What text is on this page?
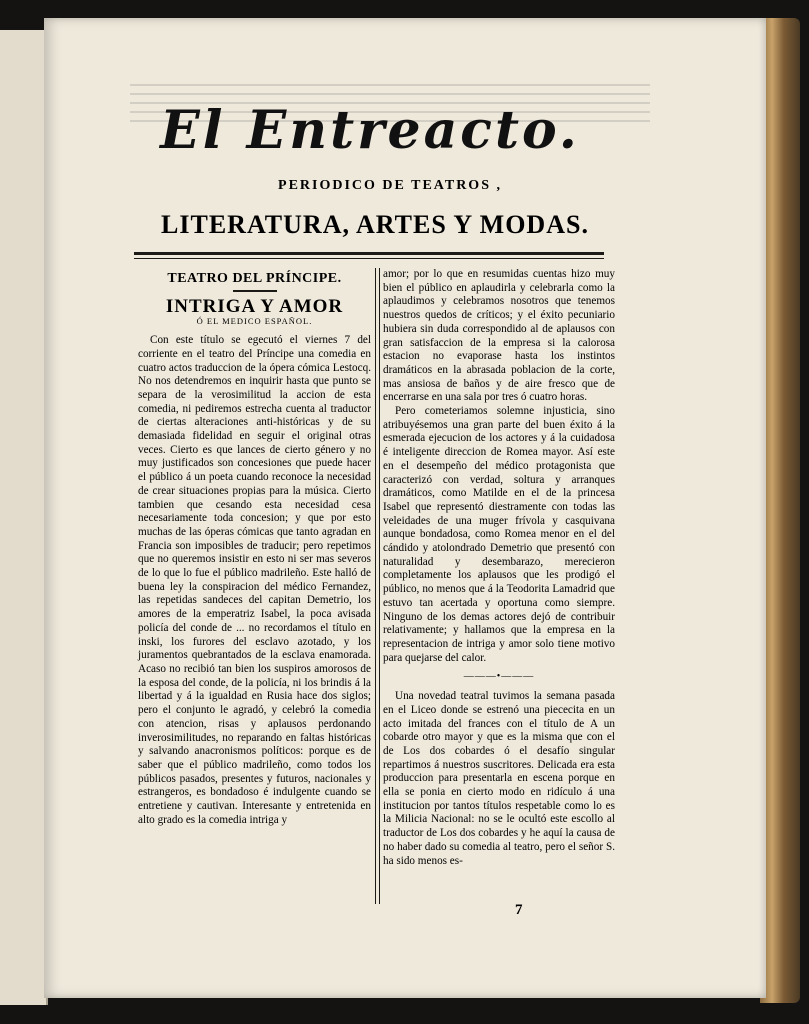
El Entreacto.
PERIODICO DE TEATROS ,
LITERATURA, ARTES Y MODAS.
TEATRO DEL PRÍNCIPE.
INTRIGA Y AMOR
Ó EL MEDICO ESPAÑOL.

Con este título se egecutó el viernes 7 del corriente en el teatro del Príncipe una comedia en cuatro actos traduccion de la ópera cómica Lestocq. No nos detendremos en inquirir hasta que punto se separa de la verosimilitud la accion de esta comedia, ni pediremos estrecha cuenta al traductor de ciertas alteraciones anti-históricas y de su demasiada fidelidad en seguir el original otras veces. Cierto es que lances de cierto género y no muy justificados son concesiones que puede hacer el público á un poeta cuando reconoce la necesidad de crear situaciones propias para la música. Cierto tambien que cesando esta necesidad cesa necesariamente toda concesion; y que por esto muchas de las óperas cómicas que tanto agradan en Francia son imposibles de traducir; pero repetimos que no queremos insistir en esto ni ser mas severos de lo que lo fue el público madrileño. Este halló de buena ley la conspiracion del médico Fernandez, las repetidas sandeces del capitan Demetrio, los amores de la emperatriz Isabel, la poca avisada policía del conde de ... no recordamos el título en inski, los furores del esclavo azotado, y los juramentos quebrantados de la esclava enamorada. Acaso no recibió tan bien los suspiros amorosos de la esposa del conde, de la policía, ni los brindis á la libertad y á la igualdad en Rusia hace dos siglos; pero el conjunto le agradó, y celebró la comedia con atencion, risas y aplausos perdonando inverosimilitudes, no reparando en faltas históricas y salvando anacronismos políticos: porque es de saber que el público madrileño, como todos los públicos pasados, presentes y futuros, nacionales y estrangeros, es bondadoso é indulgente cuando se entretiene y cautivan. Interesante y entretenida en alto grado es la comedia intriga y

amor; por lo que en resumidas cuentas hizo muy bien el público en aplaudirla y celebrarla como la aplaudimos y celebramos nosotros que tenemos nuestros quedos de críticos; y el éxito pecuniario hubiera sin duda correspondido al de aplausos con gran satisfaccion de la empresa si la calorosa estacion no evaporase hasta los instintos dramáticos en la abrasada poblacion de la corte, mas ansiosa de baños y de aire fresco que de encerrarse en una sala por tres ó cuatro horas.

Pero cometeriamos solemne injusticia, sino atribuyésemos una gran parte del buen éxito á la esmerada ejecucion de los actores y á la cuidadosa é inteligente direccion de Romea mayor. Así este en el desempeño del médico protagonista que caracterizó con verdad, soltura y arranques dramáticos, como Matilde en el de la princesa Isabel que representó diestramente con todas las veleidades de una muger frívola y casquivana aunque bondadosa, como Romea menor en el del cándido y atolondrado Demetrio que presentó con naturalidad y desembarazo, merecieron completamente los aplausos que les prodigó el público, no menos que á la Teodorita Lamadrid que estuvo tan acertada y oportuna como siempre. Ninguno de los demas actores dejó de contribuir relativamente; y hallamos que la empresa en la representacion de intriga y amor solo tiene motivo para quejarse del calor.

———•———

Una novedad teatral tuvimos la semana pasada en el Liceo donde se estrenó una piececita en un acto imitada del frances con el título de A un cobarde otro mayor y que es la misma que con el de Los dos cobardes ó el desafío singular repartimos á nuestros suscritores. Delicada era esta produccion para presentarla en escena porque en ella se ponia en cierto modo en ridículo á una institucion por tantos títulos respetable como lo es la Milicia Nacional: no se le ocultó este escollo al traductor de Los dos cobardes y he aquí la causa de no haber dado su comedia al teatro, pero el señor S. ha sido menos es-

7
